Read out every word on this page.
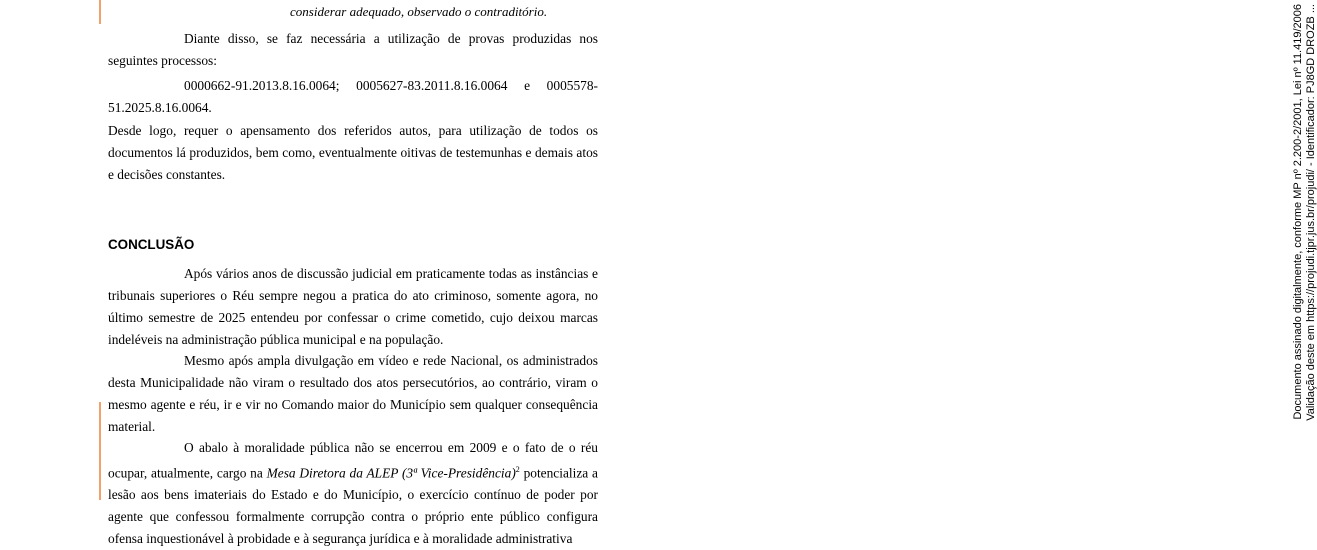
considerar adequado, observado o contraditório.

Diante disso, se faz necessária a utilização de provas produzidas nos seguintes processos:

0000662-91.2013.8.16.0064; 0005627-83.2011.8.16.0064 e 0005578-
51.2025.8.16.0064.

Desde logo, requer o apensamento dos referidos autos, para utilização de todos os documentos lá produzidos, bem como, eventualmente oitivas de testemunhas e demais atos e decisões constantes.

CONCLUSÃO

Após vários anos de discussão judicial em praticamente todas as instâncias e tribunais superiores o Réu sempre negou a pratica do ato criminoso, somente agora, no último semestre de 2025 entendeu por confessar o crime cometido, cujo deixou marcas indeléveis na administração pública municipal e na população.

Mesmo após ampla divulgação em vídeo e rede Nacional, os administrados desta Municipalidade não viram o resultado dos atos persecutórios, ao contrário, viram o mesmo agente e réu, ir e vir no Comando maior do Município sem qualquer consequência material.

O abalo à moralidade pública não se encerrou em 2009 e o fato de o réu ocupar, atualmente, cargo na Mesa Diretora da ALEP (3ª Vice-Presidência)$^2$ potencializa a lesão aos bens imateriais do Estado e do Município, o exercício contínuo de poder por agente que confessou formalmente corrupção contra o próprio ente público configura ofensa inquestionável à probidade e à segurança jurídica e à moralidade administrativa

Documento assinado digitalmente, conforme MP nº 2.200-2/2001, Lei nº 11.419/2006 Validação deste em https://projudi.tjpr.jus.br/projudi/ - Identificador: PJ8GD DROZB ...
